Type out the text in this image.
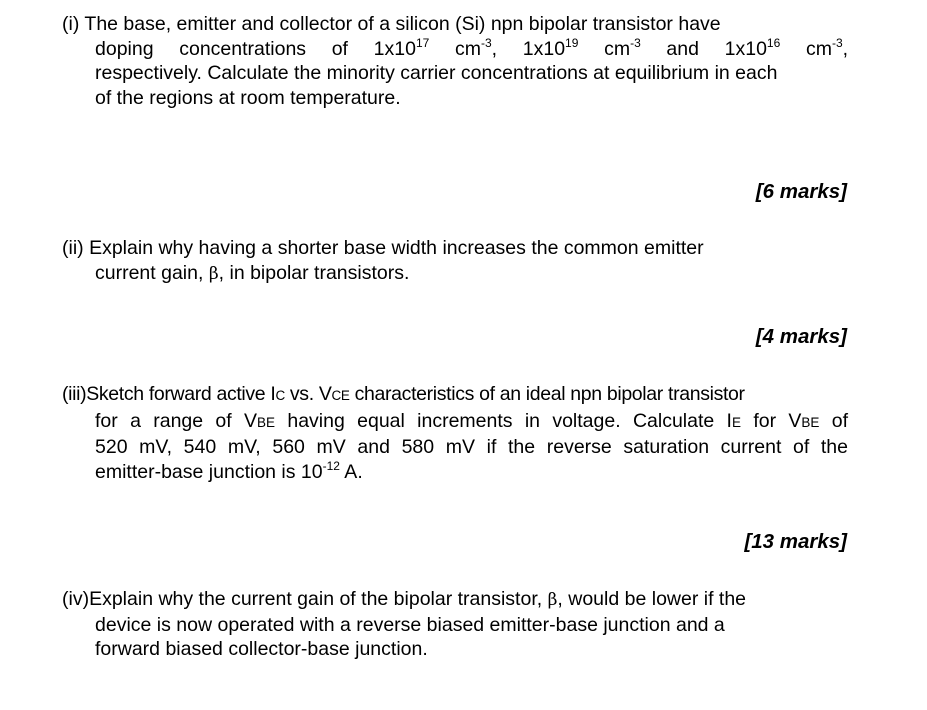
(i) The base, emitter and collector of a silicon (Si) npn bipolar transistor have
doping concentrations of $1x10^{17}$ $cm^{-3}$, $1x10^{19}$ $cm^{-3}$ and $1x10^{16}$ $cm^{-3}$,
respectively. Calculate the minority carrier concentrations at equilibrium in each
of the regions at room temperature.
[6 marks]
(ii) Explain why having a shorter base width increases the common emitter
current gain, β, in bipolar transistors.
[4 marks]
(iii)Sketch forward active IC vs. VCE characteristics of an ideal npn bipolar transistor
for a range of VBE having equal increments in voltage. Calculate IE for VBE of
520 mV, 540 mV, 560 mV and 580 mV if the reverse saturation current of the
emitter-base junction is $10^{-12}$ A.
[13 marks]
(iv)Explain why the current gain of the bipolar transistor, β, would be lower if the
device is now operated with a reverse biased emitter-base junction and a
forward biased collector-base junction.
